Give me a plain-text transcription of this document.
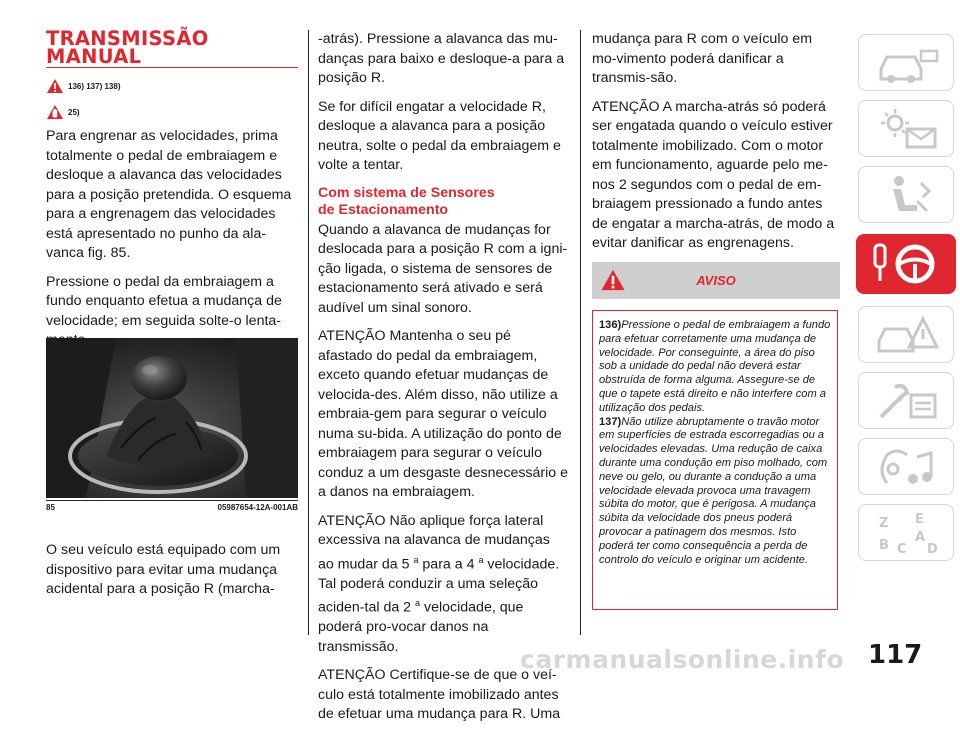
TRANSMISSÃO
MANUAL
136) 137) 138)
25)

Para engrenar as velocidades, prima totalmente o pedal de embraiagem e desloque a alavanca das velocidades para a posição pretendida. O esquema para a engrenagem das velocidades está apresentado no punho da ala-vanca fig. 85.

Pressione o pedal da embraiagem a fundo enquanto efetua a mudança de velocidade; em seguida solte-o lenta-

85	05987654-12A-001AB

O seu veículo está equipado com um dispositivo para evitar uma mudança acidental para a posição R (marcha-

-atrás). Pressione a alavanca das mu-danças para baixo e desloque-a para a posição R.

Se for difícil engatar a velocidade R, desloque a alavanca para a posição neutra, solte o pedal da embraiagem e volte a tentar.

Com sistema de Sensores
de Estacionamento

Quando a alavanca de mudanças for deslocada para a posição R com a igni-ção ligada, o sistema de sensores de estacionamento será ativado e será audível um sinal sonoro.

ATENÇÃO Mantenha o seu pé afastado do pedal da embraiagem, exceto quando efetuar mudanças de velocida-des. Além disso, não utilize a embraia-gem para segurar o veículo numa su-bida. A utilização do ponto de embraiagem para segurar o veículo conduz a um desgaste desnecessário e a danos na embraiagem.

ATENÇÃO Não aplique força lateral excessiva na alavanca de mudanças ao mudar da 5 $^a$ para a 4 $^a$ velocidade. Tal poderá conduzir a uma seleção aciden-tal da 2 $^a$ velocidade, que poderá pro-vocar danos na transmissão.

ATENÇÃO Certifique-se de que o veí-culo está totalmente imobilizado antes de efetuar uma mudança para R. Uma

mudança para R com o veículo em mo-vimento poderá danificar a transmis-são.

ATENÇÃO A marcha-atrás só poderá ser engatada quando o veículo estiver totalmente imobilizado. Com o motor em funcionamento, aguarde pelo me-nos 2 segundos com o pedal de em-braiagem pressionado a fundo antes de engatar a marcha-atrás, de modo a evitar danificar as engrenagens.

AVISO

136)Pressione o pedal de embraiagem a fundo para efetuar corretamente uma mudança de velocidade. Por conseguinte, a área do piso sob a unidade do pedal não deverá estar obstruída de forma alguma. Assegure-se de que o tapete está direito e não interfere com a utilização dos pedais.

137)Não utilize abruptamente o travão motor em superfícies de estrada escorregadias ou a velocidades elevadas. Uma redução de caixa durante uma condução em piso molhado, com neve ou gelo, ou durante a condução a uma velocidade elevada provoca uma travagem súbita do motor, que é perigosa. A mudança súbita da velocidade dos pneus poderá provocar a patinagem dos mesmos. Isto poderá ter como consequência a perda de controlo do veículo e originar um acidente.

Z E
B C
A
D
carmanualsonline.info 117
